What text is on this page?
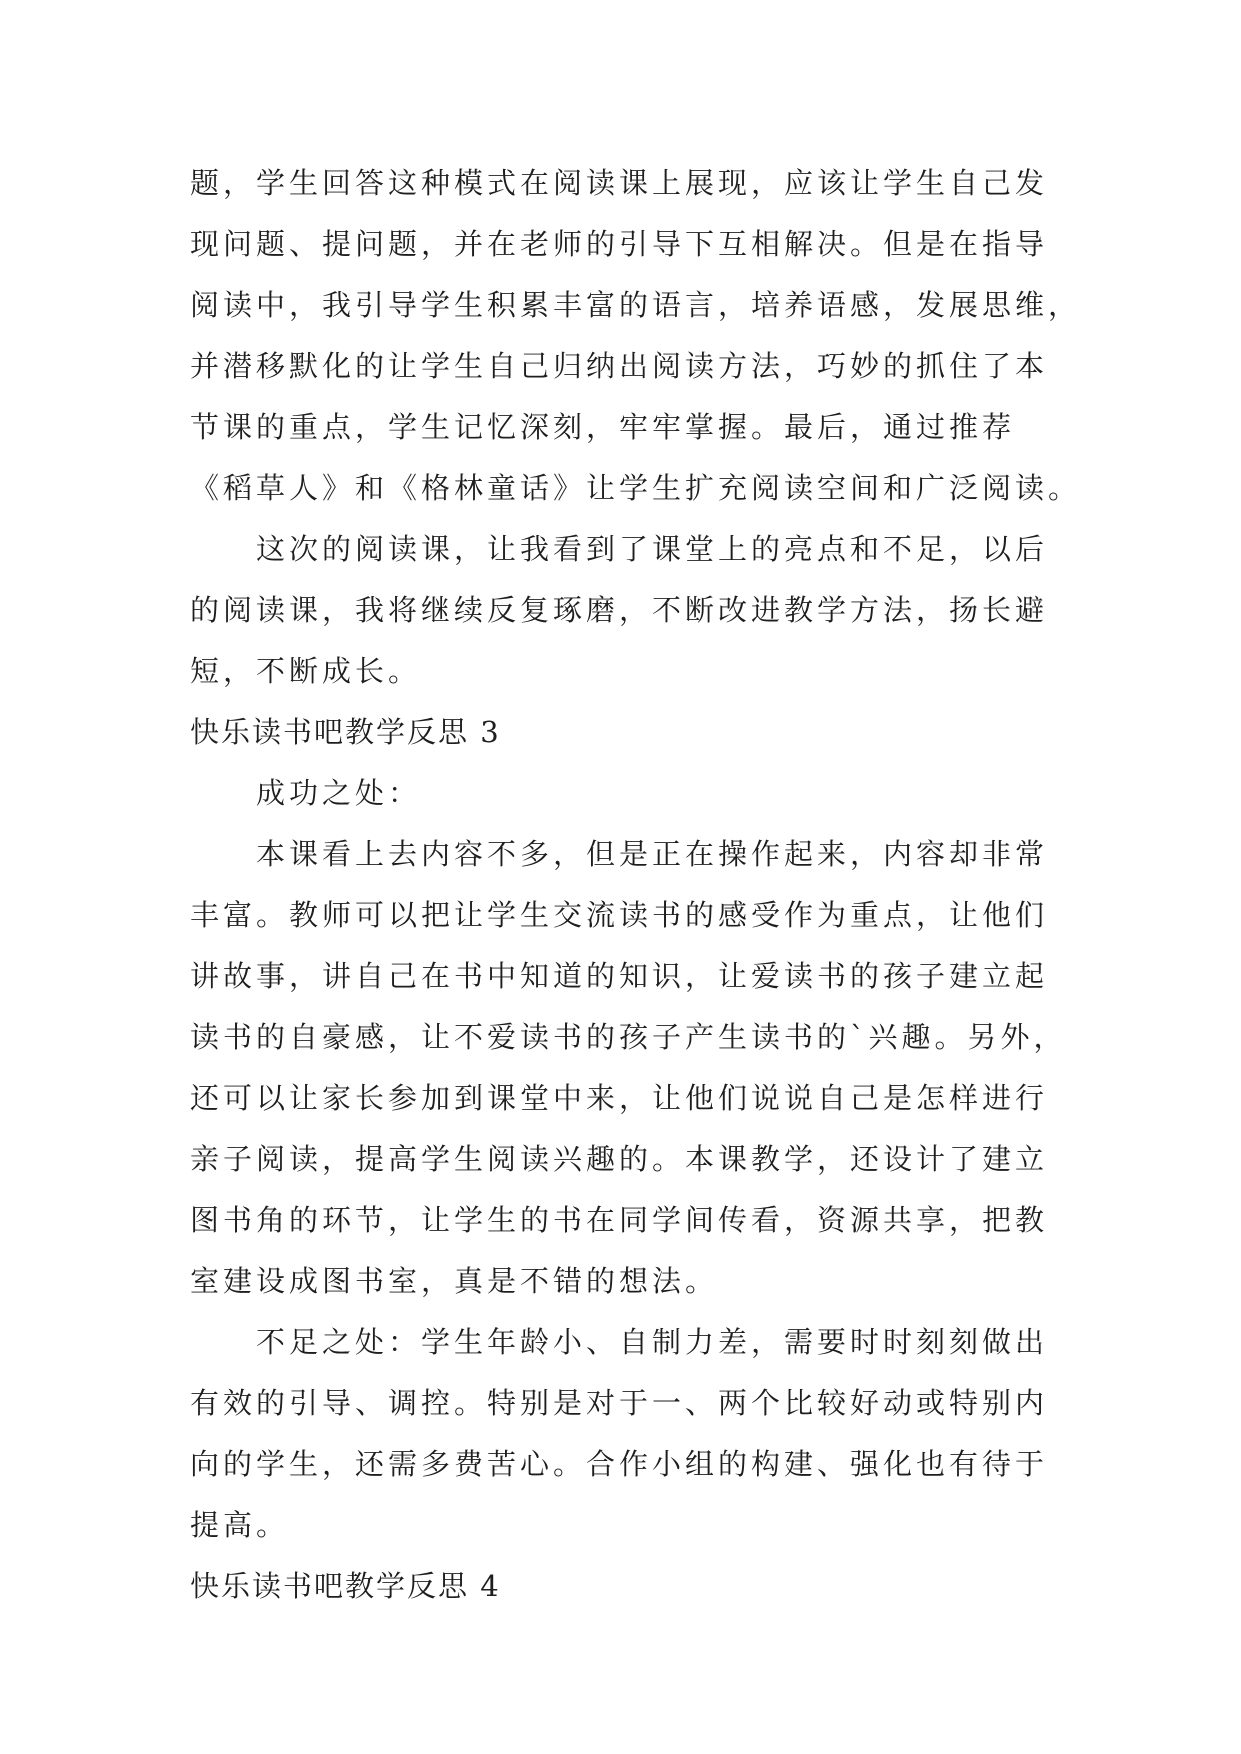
题，学生回答这种模式在阅读课上展现，应该让学生自己发
现问题、提问题，并在老师的引导下互相解决。但是在指导
阅读中，我引导学生积累丰富的语言，培养语感，发展思维，
并潜移默化的让学生自己归纳出阅读方法，巧妙的抓住了本
节课的重点，学生记忆深刻，牢牢掌握。最后，通过推荐
《稻草人》和《格林童话》让学生扩充阅读空间和广泛阅读。
这次的阅读课，让我看到了课堂上的亮点和不足，以后
的阅读课，我将继续反复琢磨，不断改进教学方法，扬长避
短，不断成长。
快乐读书吧教学反思 3
成功之处：
本课看上去内容不多，但是正在操作起来，内容却非常
丰富。教师可以把让学生交流读书的感受作为重点，让他们
讲故事，讲自己在书中知道的知识，让爱读书的孩子建立起
读书的自豪感，让不爱读书的孩子产生读书的`兴趣。另外，
还可以让家长参加到课堂中来，让他们说说自己是怎样进行
亲子阅读，提高学生阅读兴趣的。本课教学，还设计了建立
图书角的环节，让学生的书在同学间传看，资源共享，把教
室建设成图书室，真是不错的想法。
不足之处：学生年龄小、自制力差，需要时时刻刻做出
有效的引导、调控。特别是对于一、两个比较好动或特别内
向的学生，还需多费苦心。合作小组的构建、强化也有待于
提高。
快乐读书吧教学反思 4
